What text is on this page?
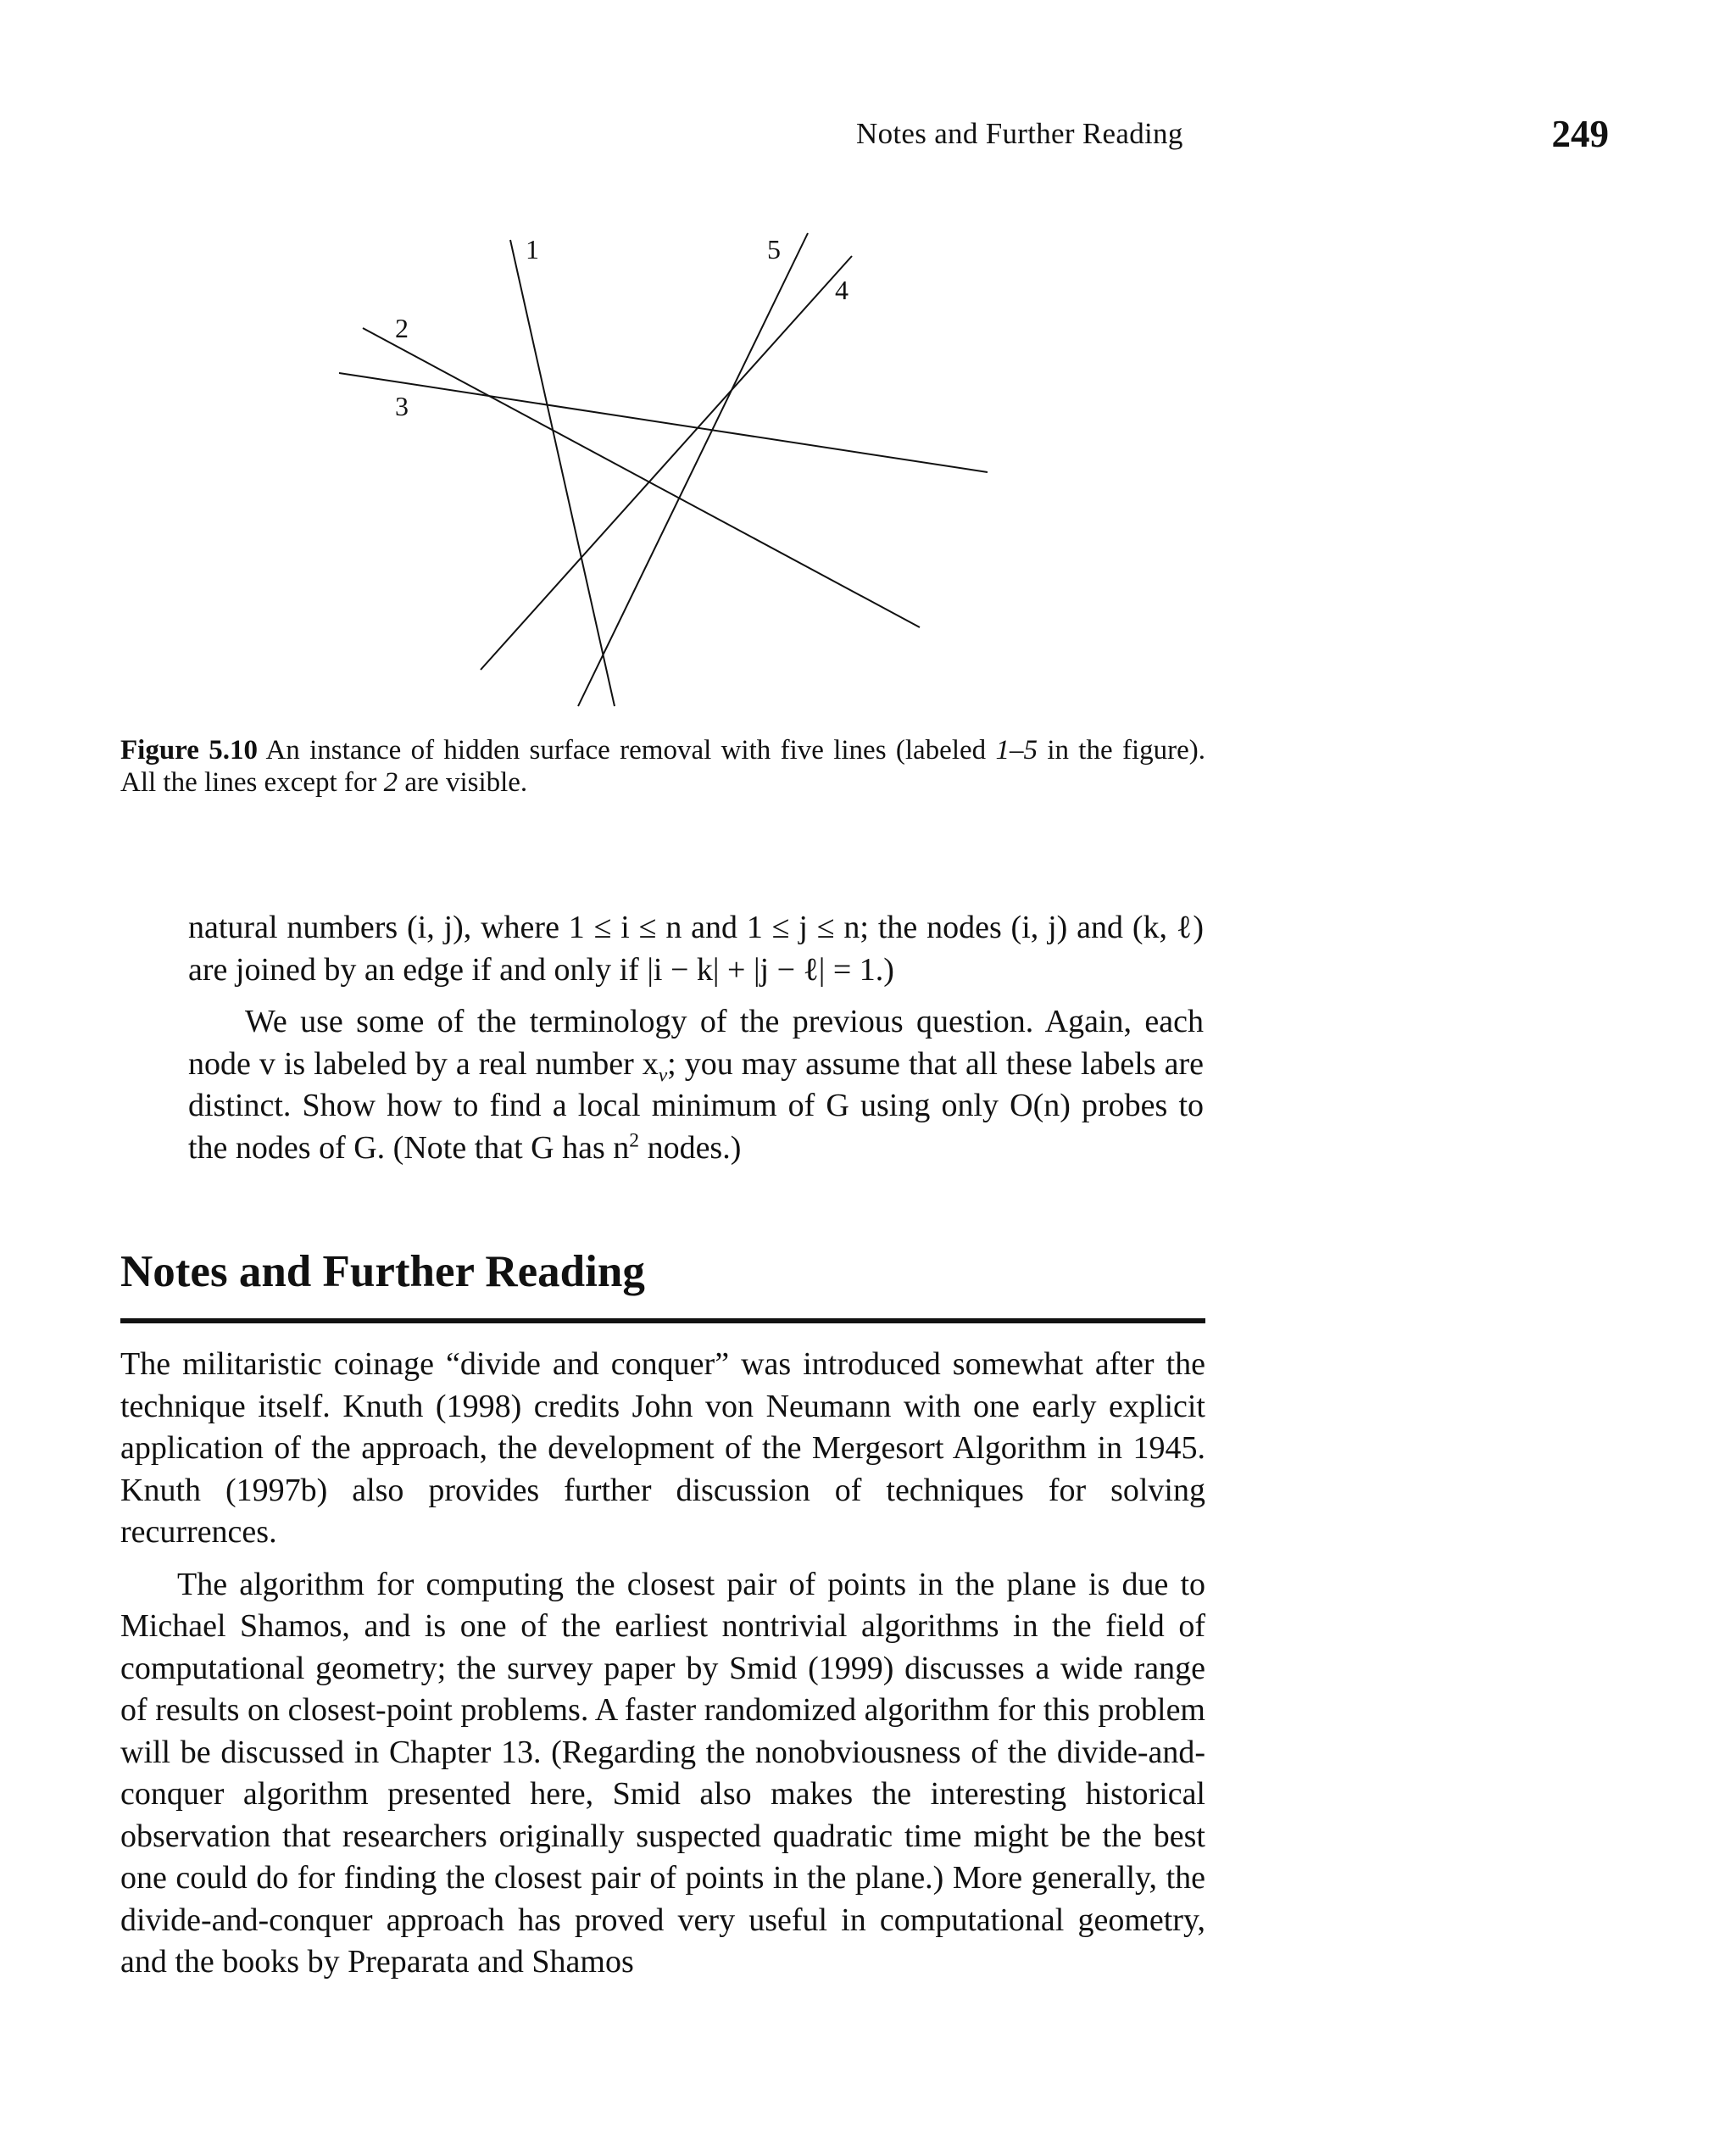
Notes and Further Reading	249
1
2
3
4
5
Figure 5.10 An instance of hidden surface removal with five lines (labeled 1–5 in the figure). All the lines except for 2 are visible.

natural numbers (i, j), where 1 ≤ i ≤ n and 1 ≤ j ≤ n; the nodes (i, j) and (k, ℓ) are joined by an edge if and only if |i − k| + |j − ℓ| = 1.)

We use some of the terminology of the previous question. Again, each node v is labeled by a real number $x_v$; you may assume that all these labels are distinct. Show how to find a local minimum of G using only O(n) probes to the nodes of G. (Note that G has $n^2$ nodes.)

Notes and Further Reading

The militaristic coinage “divide and conquer” was introduced somewhat after the technique itself. Knuth (1998) credits John von Neumann with one early explicit application of the approach, the development of the Mergesort Algorithm in 1945. Knuth (1997b) also provides further discussion of techniques for solving recurrences.

The algorithm for computing the closest pair of points in the plane is due to Michael Shamos, and is one of the earliest nontrivial algorithms in the field of computational geometry; the survey paper by Smid (1999) discusses a wide range of results on closest-point problems. A faster randomized algorithm for this problem will be discussed in Chapter 13. (Regarding the nonobviousness of the divide-and-conquer algorithm presented here, Smid also makes the interesting historical observation that researchers originally suspected quadratic time might be the best one could do for finding the closest pair of points in the plane.) More generally, the divide-and-conquer approach has proved very useful in computational geometry, and the books by Preparata and Shamos
